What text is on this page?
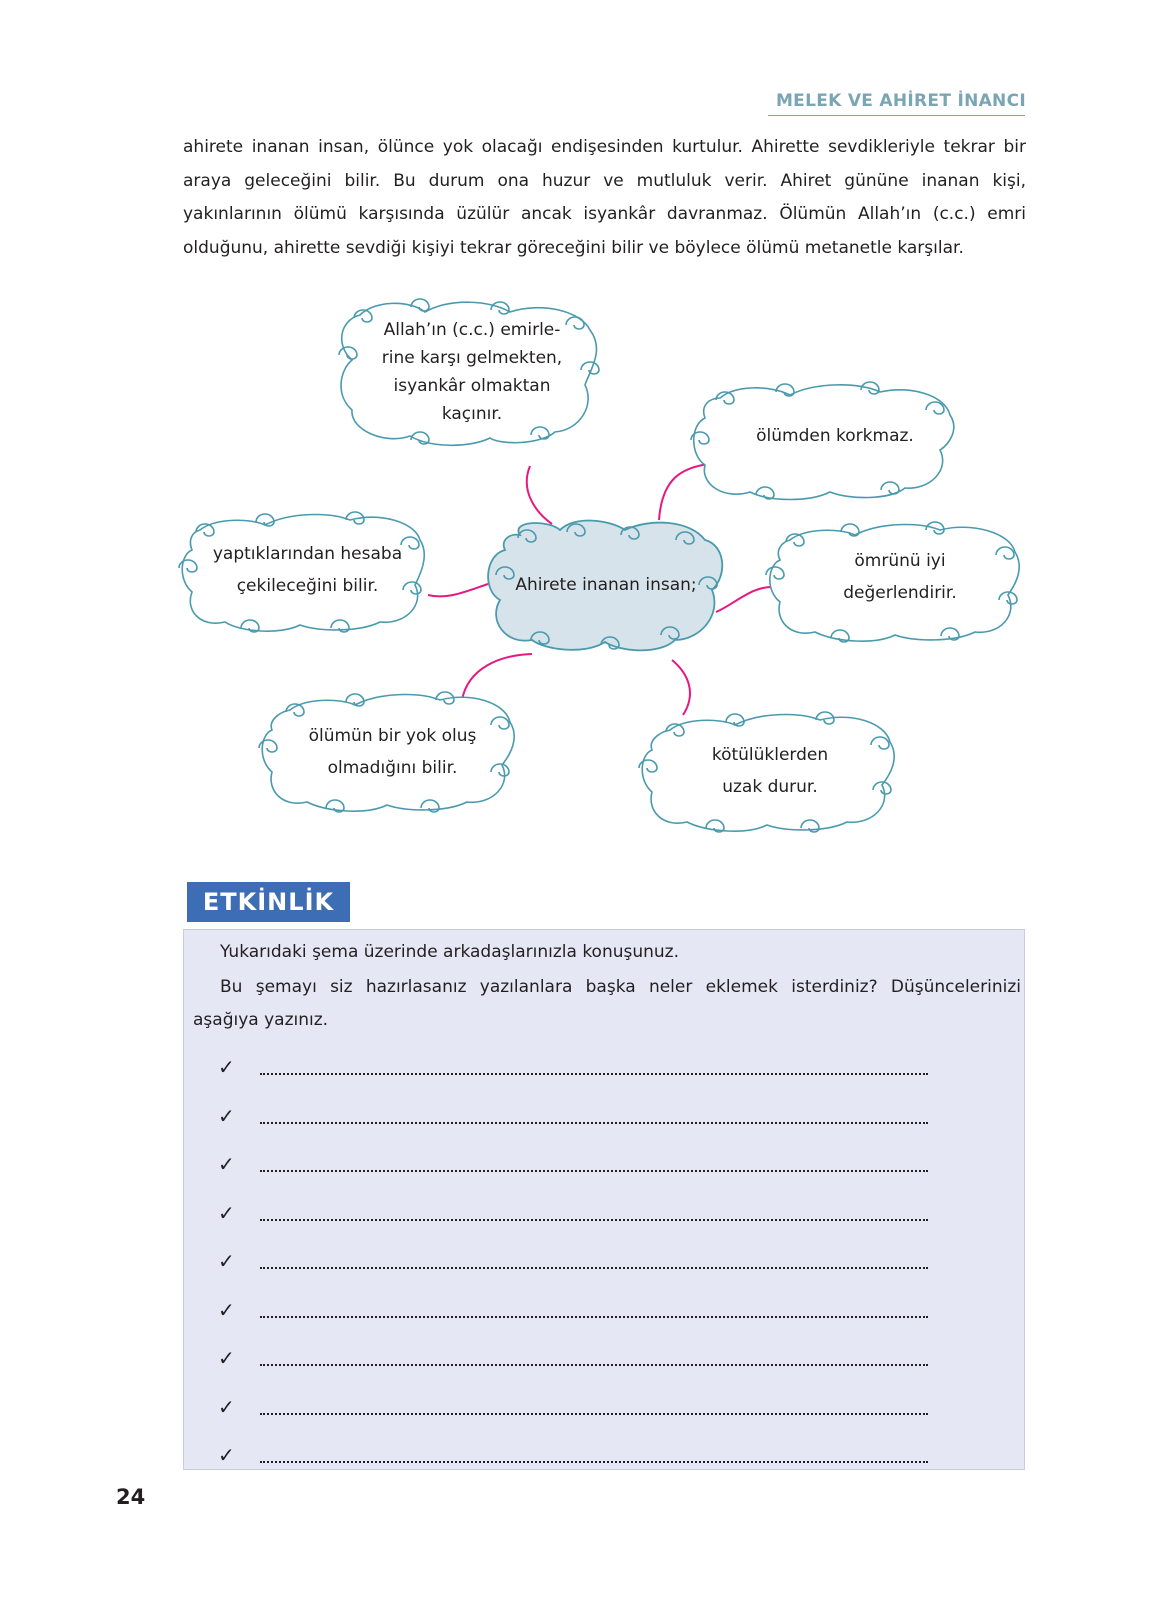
MELEK VE AHİRET İNANCI

ahirete inanan insan, ölünce yok olacağı endişesinden kurtulur. Ahirette sevdikleriyle tekrar bir araya geleceğini bilir. Bu durum ona huzur ve mutluluk verir. Ahiret gününe inanan kişi, yakınlarının ölümü karşısında üzülür ancak isyankâr davranmaz. Ölümün Allah’ın (c.c.) emri olduğunu, ahirette sevdiği kişiyi tekrar göreceğini bilir ve böylece ölümü metanetle karşılar.

Allah’ın (c.c.) emirle-
rine karşı gelmekten,
isyankâr olmaktan
kaçınır.
ölümden korkmaz.
yaptıklarından hesaba
çekileceğini bilir.	Ahirete inanan insan;
ömrünü iyi
değerlendirir.
ölümün bir yok oluş
olmadığını bilir.
kötülüklerden
uzak durur.
ETKİNLİK

Yukarıdaki şema üzerinde arkadaşlarınızla konuşunuz.

Bu şemayı siz hazırlasanız yazılanlara başka neler eklemek isterdiniz? Düşüncelerinizi aşağıya yazınız.

✓
✓
✓
✓
✓
✓
✓
✓
✓
24
